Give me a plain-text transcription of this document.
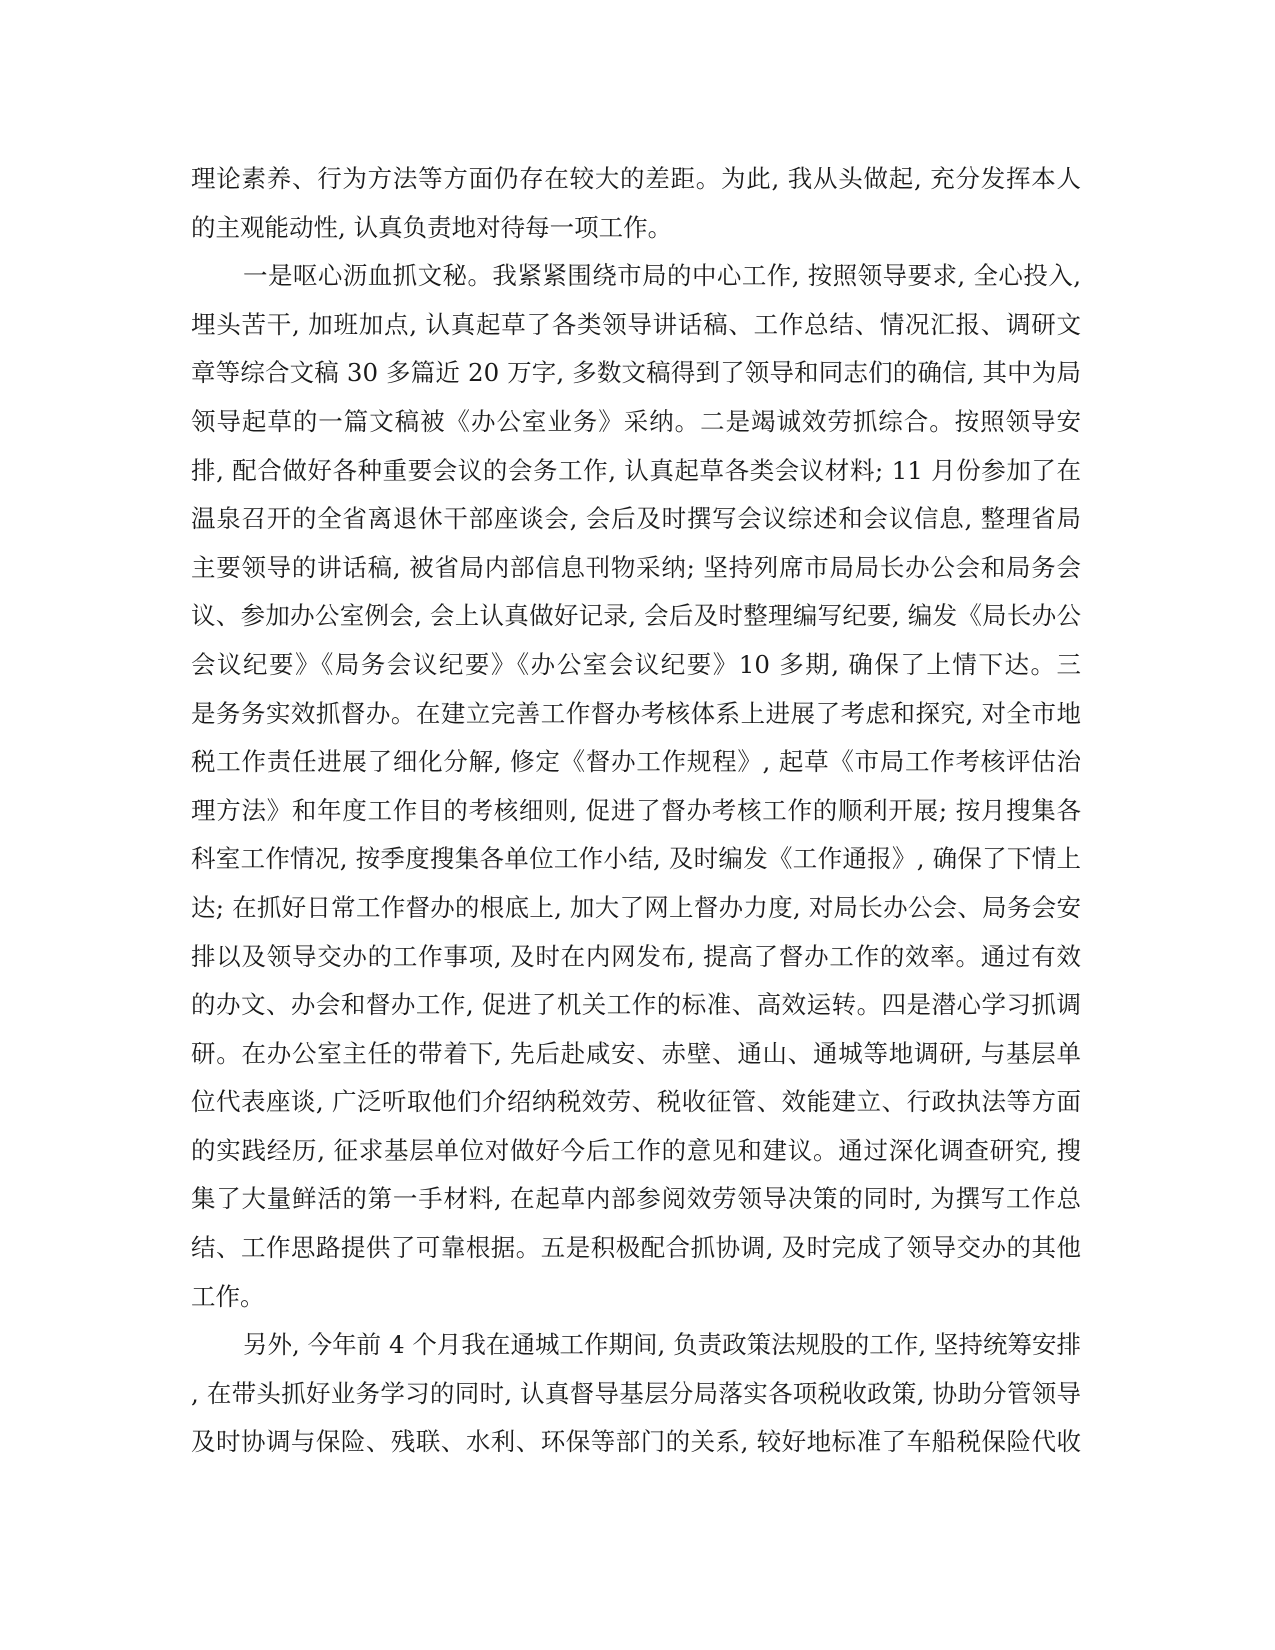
理论素养、行为方法等方面仍存在较大的差距。为此, 我从头做起, 充分发挥本人
的主观能动性, 认真负责地对待每一项工作。
一是呕心沥血抓文秘。我紧紧围绕市局的中心工作, 按照领导要求, 全心投入,
埋头苦干, 加班加点, 认真起草了各类领导讲话稿、工作总结、情况汇报、调研文
章等综合文稿 30 多篇近 20 万字, 多数文稿得到了领导和同志们的确信, 其中为局
领导起草的一篇文稿被《办公室业务》采纳。二是竭诚效劳抓综合。按照领导安
排, 配合做好各种重要会议的会务工作, 认真起草各类会议材料; 11 月份参加了在
温泉召开的全省离退休干部座谈会, 会后及时撰写会议综述和会议信息, 整理省局
主要领导的讲话稿, 被省局内部信息刊物采纳; 坚持列席市局局长办公会和局务会
议、参加办公室例会, 会上认真做好记录, 会后及时整理编写纪要, 编发《局长办公
会议纪要》《局务会议纪要》《办公室会议纪要》10 多期, 确保了上情下达。三
是务务实效抓督办。在建立完善工作督办考核体系上进展了考虑和探究, 对全市地
税工作责任进展了细化分解, 修定《督办工作规程》, 起草《市局工作考核评估治
理方法》和年度工作目的考核细则, 促进了督办考核工作的顺利开展; 按月搜集各
科室工作情况, 按季度搜集各单位工作小结, 及时编发《工作通报》, 确保了下情上
达; 在抓好日常工作督办的根底上, 加大了网上督办力度, 对局长办公会、局务会安
排以及领导交办的工作事项, 及时在内网发布, 提高了督办工作的效率。通过有效
的办文、办会和督办工作, 促进了机关工作的标准、高效运转。四是潜心学习抓调
研。在办公室主任的带着下, 先后赴咸安、赤壁、通山、通城等地调研, 与基层单
位代表座谈, 广泛听取他们介绍纳税效劳、税收征管、效能建立、行政执法等方面
的实践经历, 征求基层单位对做好今后工作的意见和建议。通过深化调查研究, 搜
集了大量鲜活的第一手材料, 在起草内部参阅效劳领导决策的同时, 为撰写工作总
结、工作思路提供了可靠根据。五是积极配合抓协调, 及时完成了领导交办的其他
工作。
另外, 今年前 4 个月我在通城工作期间, 负责政策法规股的工作, 坚持统筹安排
, 在带头抓好业务学习的同时, 认真督导基层分局落实各项税收政策, 协助分管领导
及时协调与保险、残联、水利、环保等部门的关系, 较好地标准了车船税保险代收
